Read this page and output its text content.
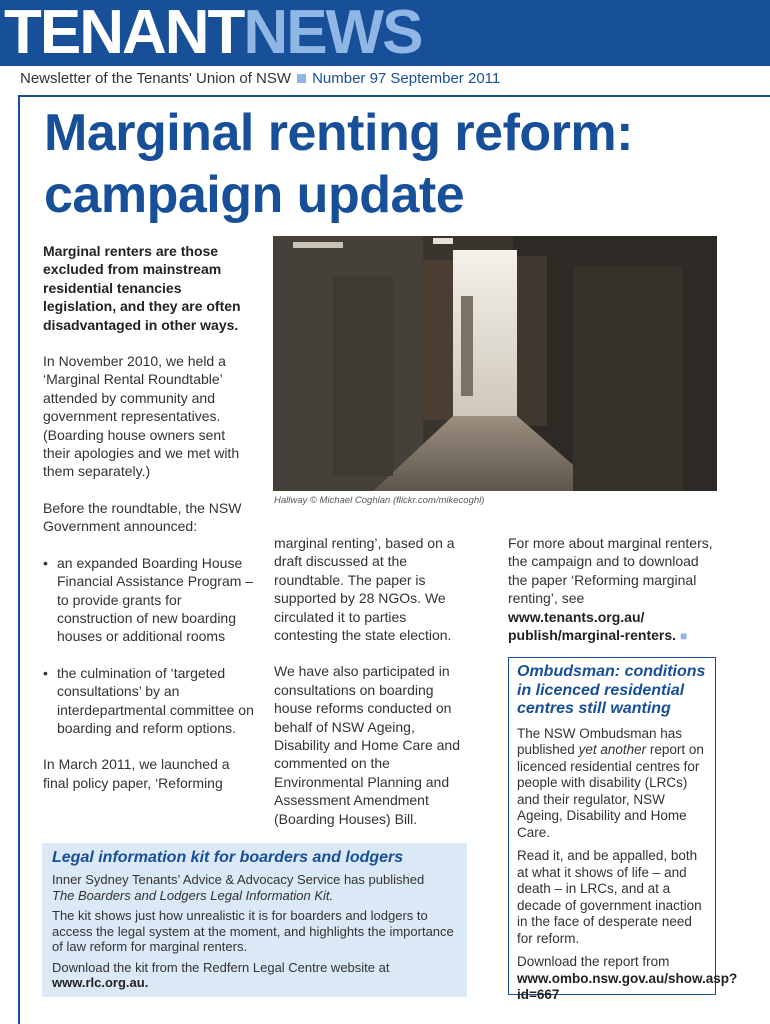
TENANTNEWS
Newsletter of the Tenants' Union of NSW Number 97 September 2011
Marginal renting reform:
campaign update

Marginal renters are those excluded from mainstream residential tenancies legislation, and they are often disadvantaged in other ways.

In November 2010, we held a ‘Marginal Rental Roundtable’ attended by community and government representatives. (Boarding house owners sent their apologies and we met with them separately.)

Before the roundtable, the NSW Government announced:

• an expanded Boarding House Financial Assistance Program – to provide grants for construction of new boarding houses or additional rooms
• the culmination of ‘targeted consultations’ by an interdepartmental committee on boarding and reform options.

In March 2011, we launched a final policy paper, ‘Reforming

Hallway © Michael Coghlan (flickr.com/mikecoghl)

marginal renting’, based on a draft discussed at the roundtable. The paper is supported by 28 NGOs. We circulated it to parties contesting the state election.

We have also participated in consultations on boarding house reforms conducted on behalf of NSW Ageing, Disability and Home Care and commented on the Environmental Planning and Assessment Amendment (Boarding Houses) Bill.

For more about marginal renters, the campaign and to download the paper ‘Reforming marginal renting’, see www.tenants.org.au/ publish/marginal-renters. ■

Ombudsman: conditions in licenced residential centres still wanting

The NSW Ombudsman has published yet another report on licenced residential centres for people with disability (LRCs) and their regulator, NSW Ageing, Disability and Home Care.

Read it, and be appalled, both at what it shows of life – and death – in LRCs, and at a decade of government inaction in the face of desperate need for reform.

Download the report from
www.ombo.nsw.gov.au/show.asp?id=667

Legal information kit for boarders and lodgers

Inner Sydney Tenants’ Advice & Advocacy Service has published
The Boarders and Lodgers Legal Information Kit.

The kit shows just how unrealistic it is for boarders and lodgers to access the legal system at the moment, and highlights the importance of law reform for marginal renters.

Download the kit from the Redfern Legal Centre website at
www.rlc.org.au.
